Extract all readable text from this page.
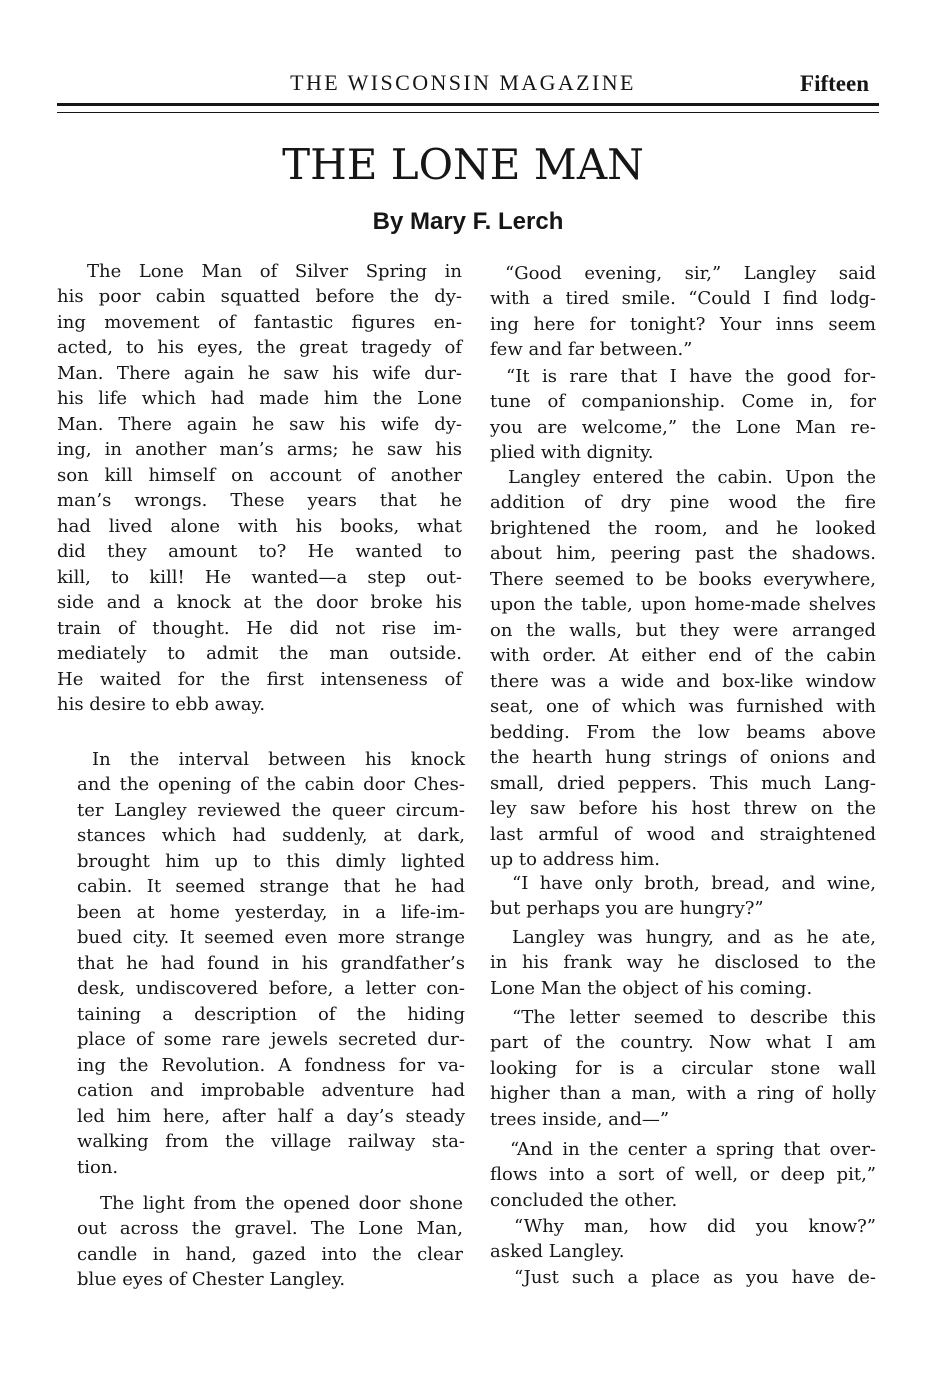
THE WISCONSIN MAGAZINE	Fifteen
THE LONE MAN
By Mary F. Lerch
The Lone Man of Silver Spring in
his poor cabin squatted before the dy-
ing movement of fantastic figures en-
acted, to his eyes, the great tragedy of
Man. There again he saw his wife dur-
his life which had made him the Lone
Man. There again he saw his wife dy-
ing, in another man’s arms; he saw his
son kill himself on account of another
man’s wrongs. These years that he
had lived alone with his books, what
did they amount to? He wanted to
kill, to kill! He wanted—a step out-
side and a knock at the door broke his
train of thought. He did not rise im-
mediately to admit the man outside.
He waited for the first intenseness of
his desire to ebb away.
In the interval between his knock
and the opening of the cabin door Ches-
ter Langley reviewed the queer circum-
stances which had suddenly, at dark,
brought him up to this dimly lighted
cabin. It seemed strange that he had
been at home yesterday, in a life-im-
bued city. It seemed even more strange
that he had found in his grandfather’s
desk, undiscovered before, a letter con-
taining a description of the hiding
place of some rare jewels secreted dur-
ing the Revolution. A fondness for va-
cation and improbable adventure had
led him here, after half a day’s steady
walking from the village railway sta-
tion.
The light from the opened door shone
out across the gravel. The Lone Man,
candle in hand, gazed into the clear
blue eyes of Chester Langley.
“Good evening, sir,” Langley said
with a tired smile. “Could I find lodg-
ing here for tonight? Your inns seem
few and far between.”
“It is rare that I have the good for-
tune of companionship. Come in, for
you are welcome,” the Lone Man re-
plied with dignity.
Langley entered the cabin. Upon the
addition of dry pine wood the fire
brightened the room, and he looked
about him, peering past the shadows.
There seemed to be books everywhere,
upon the table, upon home-made shelves
on the walls, but they were arranged
with order. At either end of the cabin
there was a wide and box-like window
seat, one of which was furnished with
bedding. From the low beams above
the hearth hung strings of onions and
small, dried peppers. This much Lang-
ley saw before his host threw on the
last armful of wood and straightened
up to address him.
“I have only broth, bread, and wine,
but perhaps you are hungry?”
Langley was hungry, and as he ate,
in his frank way he disclosed to the
Lone Man the object of his coming.
“The letter seemed to describe this
part of the country. Now what I am
looking for is a circular stone wall
higher than a man, with a ring of holly
trees inside, and—”
“And in the center a spring that over-
flows into a sort of well, or deep pit,”
concluded the other.
“Why man, how did you know?”
asked Langley.
“Just such a place as you have de-
